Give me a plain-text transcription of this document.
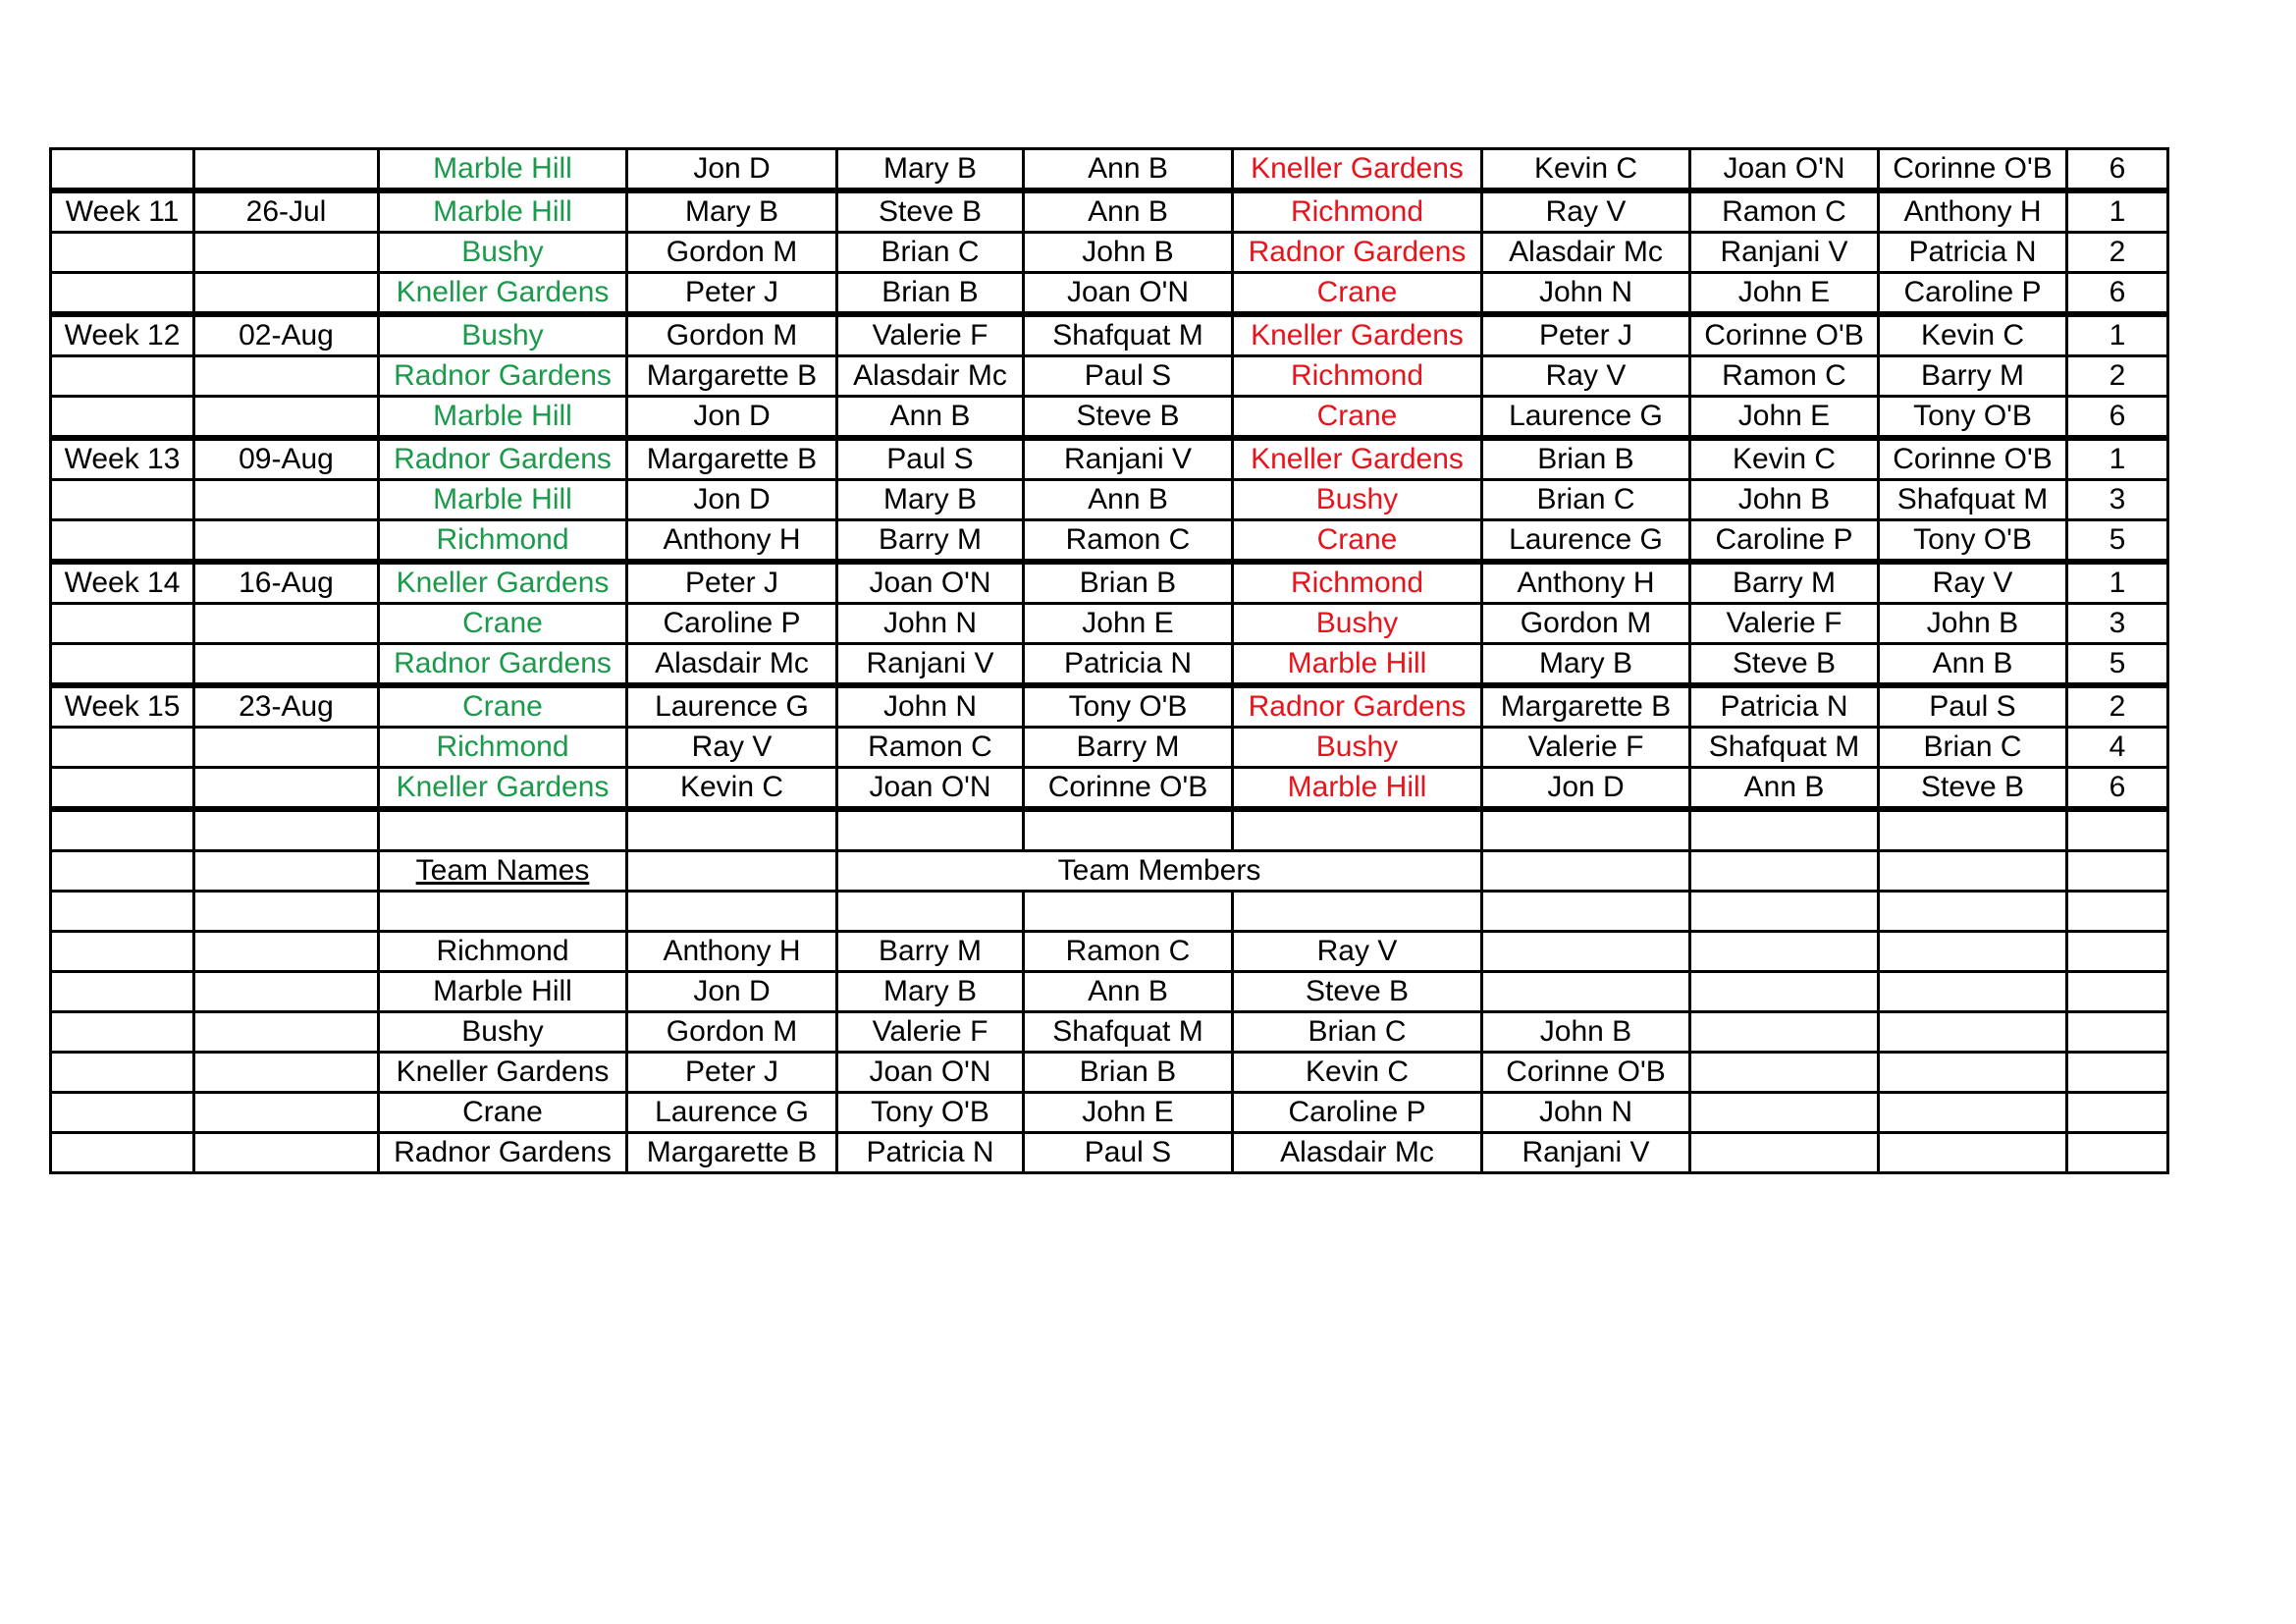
		Marble Hill	Jon D	Mary B	Ann B	Kneller Gardens	Kevin C	Joan O'N	Corinne O'B	6
Week 11	26-Jul	Marble Hill	Mary B	Steve B	Ann B	Richmond	Ray V	Ramon C	Anthony H	1
		Bushy	Gordon M	Brian C	John B	Radnor Gardens	Alasdair Mc	Ranjani V	Patricia N	2
		Kneller Gardens	Peter J	Brian B	Joan O'N	Crane	John N	John E	Caroline P	6
Week 12	02-Aug	Bushy	Gordon M	Valerie F	Shafquat M	Kneller Gardens	Peter J	Corinne O'B	Kevin C	1
		Radnor Gardens	Margarette B	Alasdair Mc	Paul S	Richmond	Ray V	Ramon C	Barry M	2
		Marble Hill	Jon D	Ann B	Steve B	Crane	Laurence G	John E	Tony O'B	6
Week 13	09-Aug	Radnor Gardens	Margarette B	Paul S	Ranjani V	Kneller Gardens	Brian B	Kevin C	Corinne O'B	1
		Marble Hill	Jon D	Mary B	Ann B	Bushy	Brian C	John B	Shafquat M	3
		Richmond	Anthony H	Barry M	Ramon C	Crane	Laurence G	Caroline P	Tony O'B	5
Week 14	16-Aug	Kneller Gardens	Peter J	Joan O'N	Brian B	Richmond	Anthony H	Barry M	Ray V	1
		Crane	Caroline P	John N	John E	Bushy	Gordon M	Valerie F	John B	3
		Radnor Gardens	Alasdair Mc	Ranjani V	Patricia N	Marble Hill	Mary B	Steve B	Ann B	5
Week 15	23-Aug	Crane	Laurence G	John N	Tony O'B	Radnor Gardens	Margarette B	Patricia N	Paul S	2
		Richmond	Ray V	Ramon C	Barry M	Bushy	Valerie F	Shafquat M	Brian C	4
		Kneller Gardens	Kevin C	Joan O'N	Corinne O'B	Marble Hill	Jon D	Ann B	Steve B	6

		Team Names		Team Members						

		Richmond	Anthony H	Barry M	Ramon C	Ray V				
		Marble Hill	Jon D	Mary B	Ann B	Steve B				
		Bushy	Gordon M	Valerie F	Shafquat M	Brian C	John B			
		Kneller Gardens	Peter J	Joan O'N	Brian B	Kevin C	Corinne O'B			
		Crane	Laurence G	Tony O'B	John E	Caroline P	John N			
		Radnor Gardens	Margarette B	Patricia N	Paul S	Alasdair Mc	Ranjani V			
